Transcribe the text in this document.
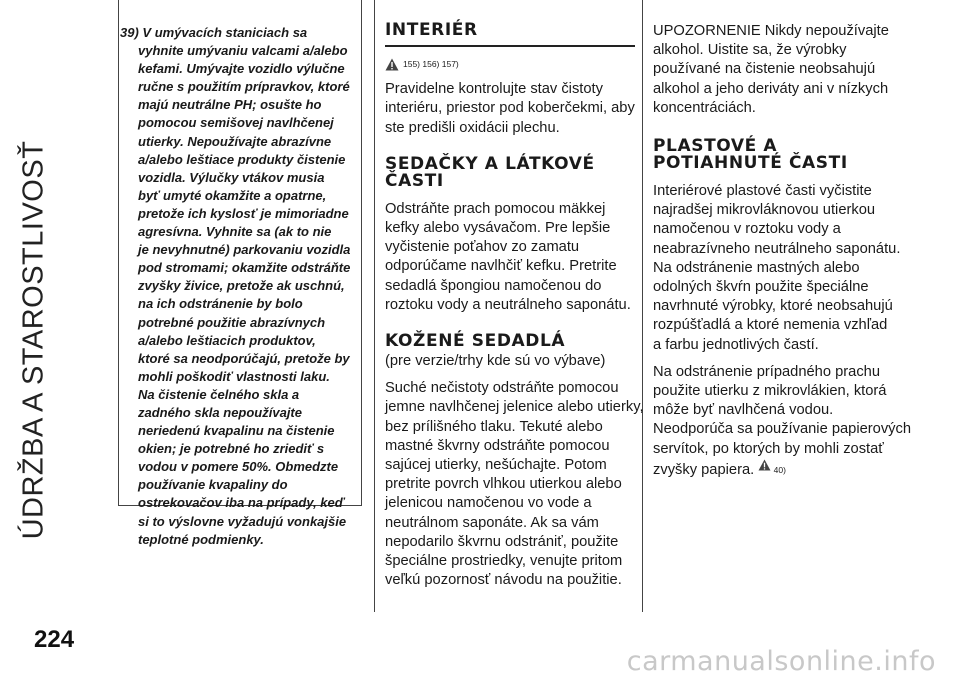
ÚDRŽBA A STAROSTLIVOSŤ
224
39) V umývacích staniciach sa
vyhnite umývaniu valcami a/alebo
kefami. Umývajte vozidlo výlučne
ručne s použitím prípravkov, ktoré
majú neutrálne PH; osušte ho
pomocou semišovej navlhčenej
utierky. Nepoužívajte abrazívne
a/alebo leštiace produkty čistenie
vozidla. Výlučky vtákov musia
byť umyté okamžite a opatrne,
pretože ich kyslosť je mimoriadne
agresívna. Vyhnite sa (ak to nie
je nevyhnutné) parkovaniu vozidla
pod stromami; okamžite odstráňte
zvyšky živice, pretože ak uschnú,
na ich odstránenie by bolo
potrebné použitie abrazívnych
a/alebo leštiacich produktov,
ktoré sa neodporúčajú, pretože by
mohli poškodiť vlastnosti laku.
Na čistenie čelného skla a
zadného skla nepoužívajte
neriedenú kvapalinu na čistenie
okien; je potrebné ho zriediť s
vodou v pomere 50%. Obmedzte
používanie kvapaliny do
ostrekovačov iba na prípady, keď
si to výslovne vyžadujú vonkajšie
teplotné podmienky.
INTERIÉR
155) 156) 157)

Pravidelne kontrolujte stav čistoty
interiéru, priestor pod koberčekmi, aby
ste predišli oxidácii plechu.

SEDAČKY A LÁTKOVÉ
ČASTI

Odstráňte prach pomocou mäkkej
kefky alebo vysávačom. Pre lepšie
vyčistenie poťahov zo zamatu
odporúčame navlhčiť kefku. Pretrite
sedadlá špongiou namočenou do
roztoku vody a neutrálneho saponátu.

KOŽENÉ SEDADLÁ

(pre verzie/trhy kde sú vo výbave)

Suché nečistoty odstráňte pomocou
jemne navlhčenej jelenice alebo utierky,
bez prílišného tlaku. Tekuté alebo
mastné škvrny odstráňte pomocou
sajúcej utierky, nešúchajte. Potom
pretrite povrch vlhkou utierkou alebo
jelenicou namočenou vo vode a
neutrálnom saponáte. Ak sa vám
nepodarilo škvrnu odstrániť, použite
špeciálne prostriedky, venujte pritom
veľkú pozornosť návodu na použitie.

UPOZORNENIE Nikdy nepoužívajte
alkohol. Uistite sa, že výrobky
používané na čistenie neobsahujú
alkohol a jeho deriváty ani v nízkych
koncentráciách.

PLASTOVÉ A
POTIAHNUTÉ ČASTI

Interiérové plastové časti vyčistite
najradšej mikrovláknovou utierkou
namočenou v roztoku vody a
neabrazívneho neutrálneho saponátu.
Na odstránenie mastných alebo
odolných škvŕn použite špeciálne
navrhnuté výrobky, ktoré neobsahujú
rozpúšťadlá a ktoré nemenia vzhľad
a farbu jednotlivých častí.

Na odstránenie prípadného prachu
použite utierku z mikrovlákien, ktorá
môže byť navlhčená vodou.
Neodporúča sa používanie papierových
servítok, po ktorých by mohli zostať
zvyšky papiera.  40)

carmanualsonline.info
